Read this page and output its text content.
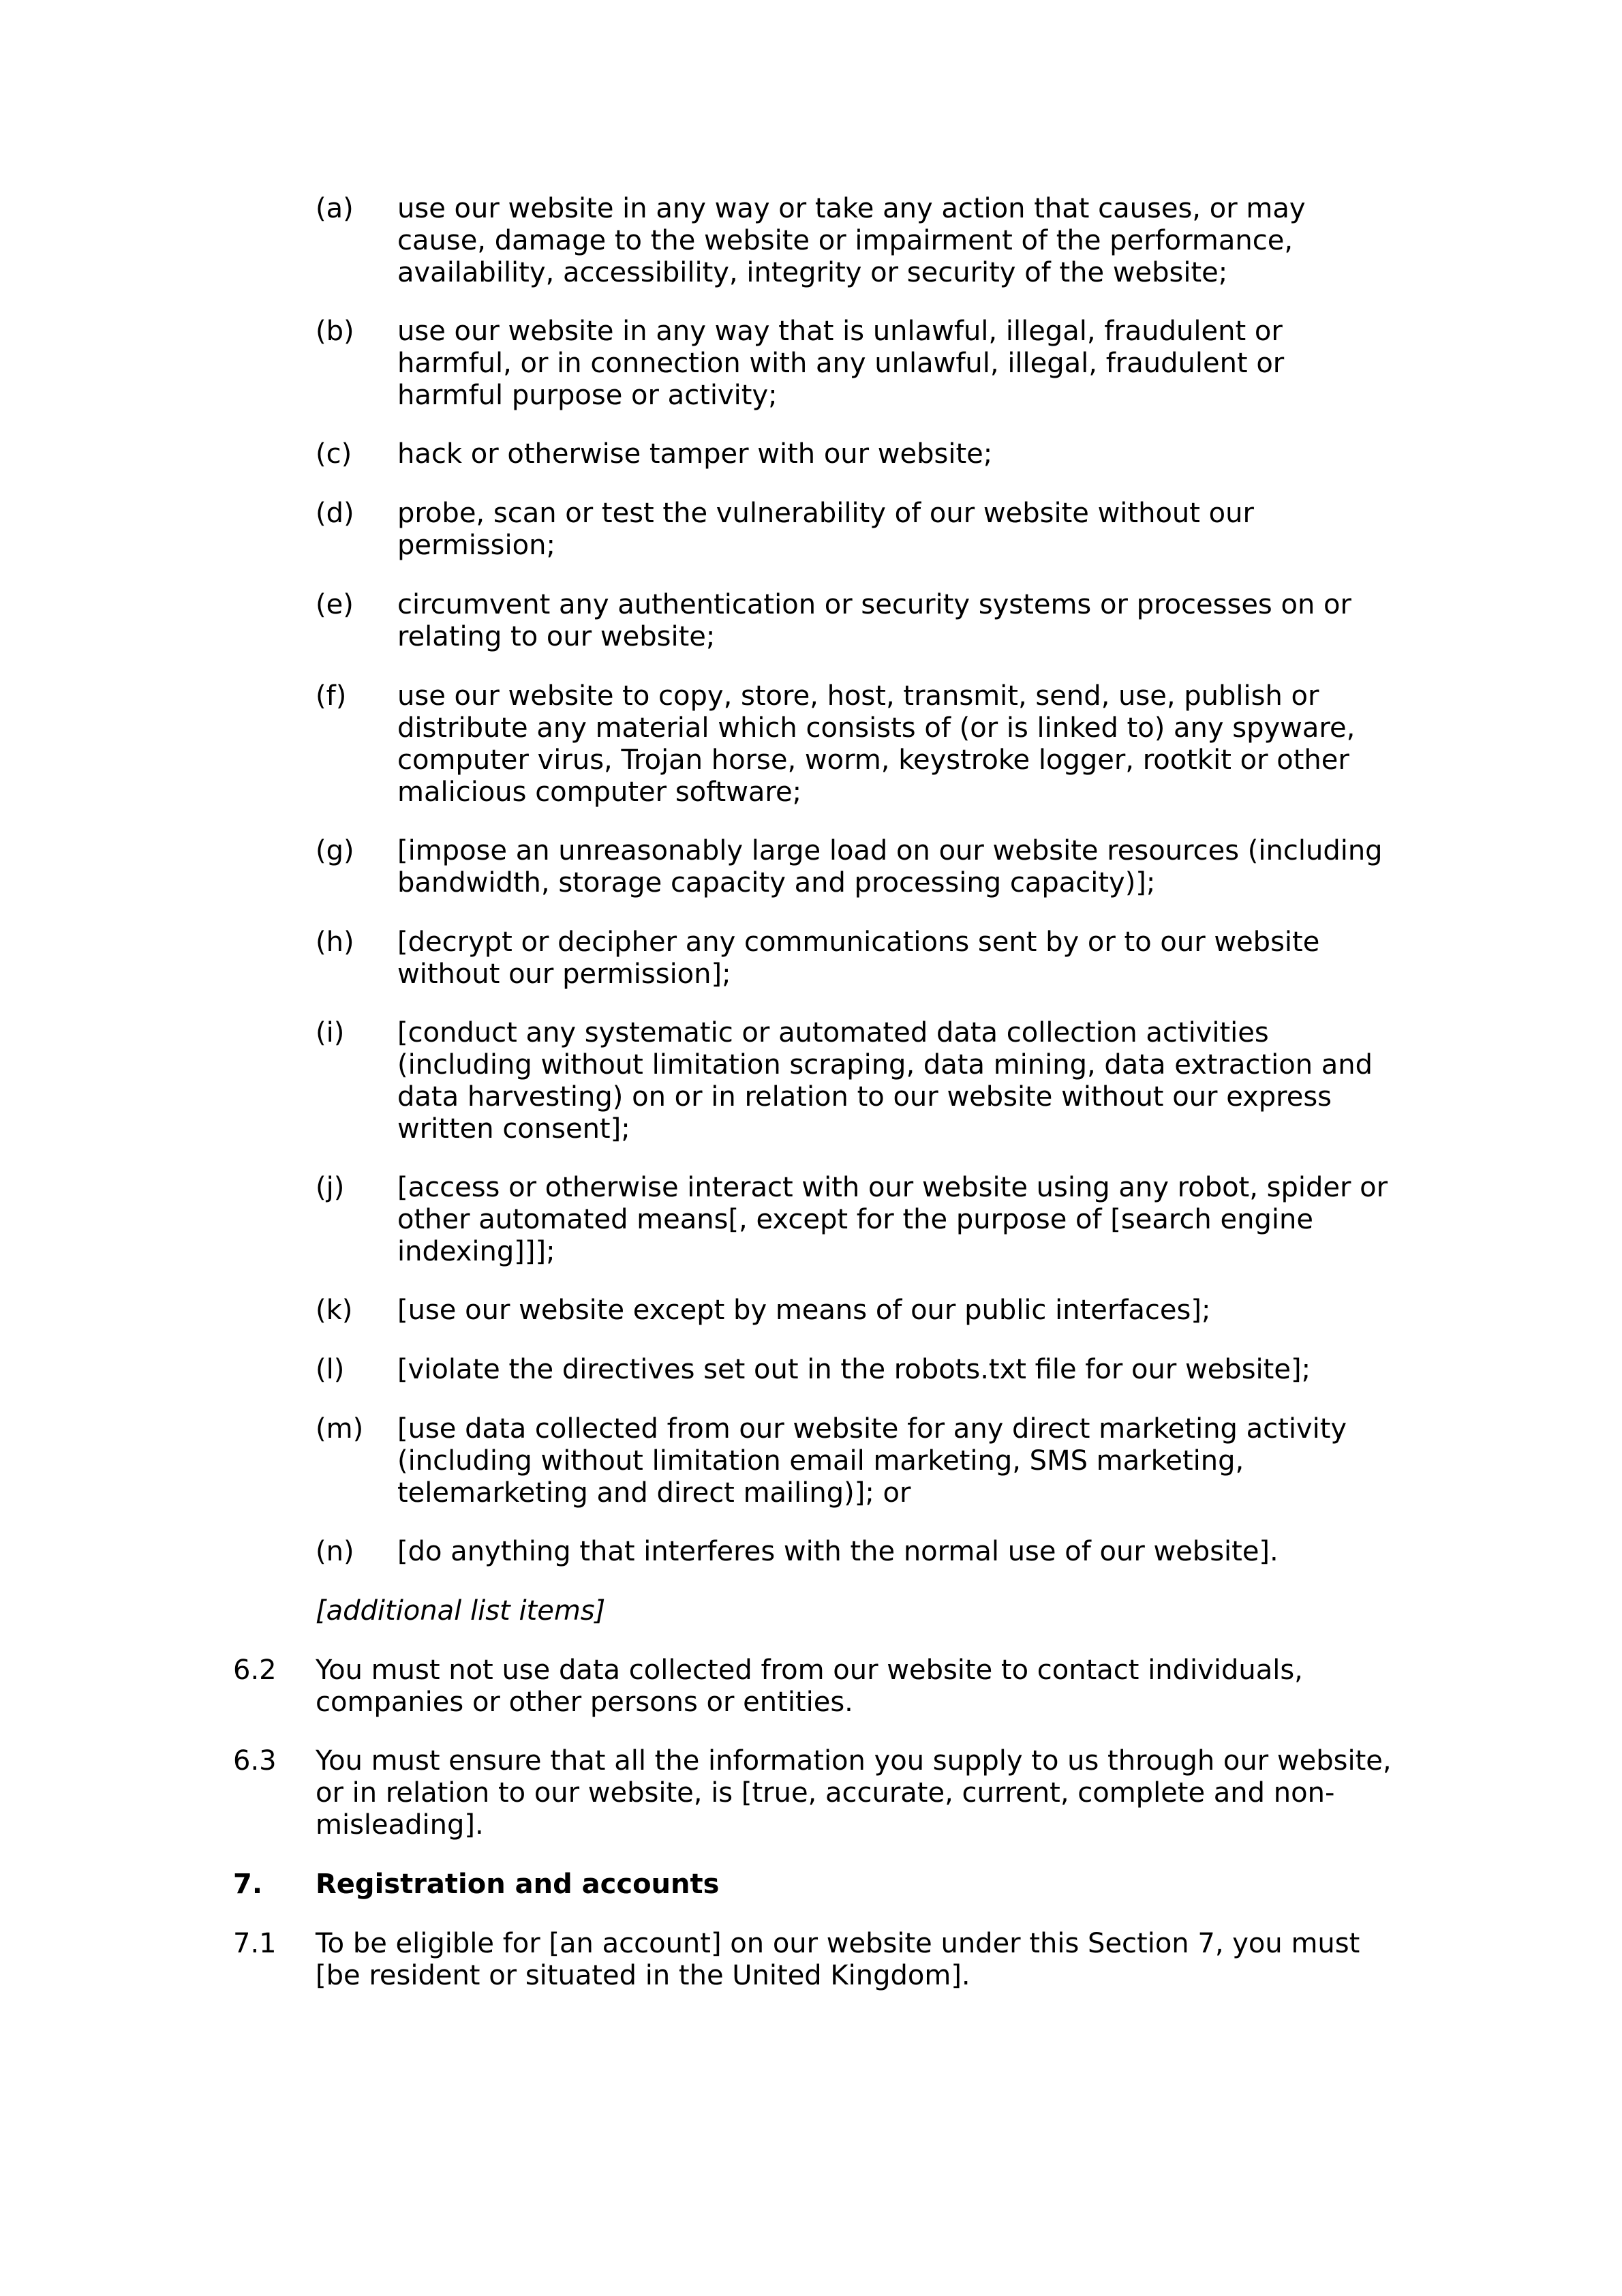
(a)	use our website in any way or take any action that causes, or may
cause, damage to the website or impairment of the performance,
availability, accessibility, integrity or security of the website;
(b)	use our website in any way that is unlawful, illegal, fraudulent or
harmful, or in connection with any unlawful, illegal, fraudulent or
harmful purpose or activity;
(c)	hack or otherwise tamper with our website;
(d)	probe, scan or test the vulnerability of our website without our
permission;
(e)	circumvent any authentication or security systems or processes on or
relating to our website;
(f)	use our website to copy, store, host, transmit, send, use, publish or
distribute any material which consists of (or is linked to) any spyware,
computer virus, Trojan horse, worm, keystroke logger, rootkit or other
malicious computer software;
(g)	[impose an unreasonably large load on our website resources (including
bandwidth, storage capacity and processing capacity)];
(h)	[decrypt or decipher any communications sent by or to our website
without our permission];
(i)	[conduct any systematic or automated data collection activities
(including without limitation scraping, data mining, data extraction and
data harvesting) on or in relation to our website without our express
written consent];
(j)	[access or otherwise interact with our website using any robot, spider or
other automated means[, except for the purpose of [search engine
indexing]]];
(k)	[use our website except by means of our public interfaces];
(l)	[violate the directives set out in the robots.txt file for our website];
(m)	[use data collected from our website for any direct marketing activity
(including without limitation email marketing, SMS marketing,
telemarketing and direct mailing)]; or
(n)	[do anything that interferes with the normal use of our website].
[additional list items]
6.2	You must not use data collected from our website to contact individuals,
companies or other persons or entities.
6.3	You must ensure that all the information you supply to us through our website,
or in relation to our website, is [true, accurate, current, complete and non-
misleading].
7.	Registration and accounts
7.1	To be eligible for [an account] on our website under this Section 7, you must
[be resident or situated in the United Kingdom].
